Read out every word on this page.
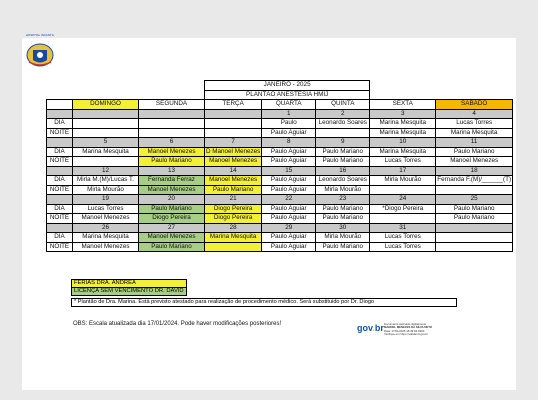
HOSPITAL INFANTIL
			JANEIRO - 2025				
			PLANTÃO ANESTESIA HMIJ				
	DOMINGO	SEGUNDA	TERÇA	QUARTA	QUINTA	SEXTA	SABADO
				1	2	3	4
DIA				Paulo	Leonardo Soares	Marina Mesquita	Lucas Torres
NOITE				Paulo Aguiar		Marina Mesquita	Marina Mesquita
	5	6	7	8	9	10	11
DIA	Marina Mesquita	Manoel Menezes	D Manoel Menezes	Paulo Aguiar	Paulo Mariano	Marina Mesquita	Paulo Mariano
NOITE		Paulo Mariano	Manoel Menezes	Paulo Aguiar	Paulo Mariano	Lucas Torres	Manoel Menezes
	12	13	14	15	16	17	18
DIA	Mirla M.(M)/Lucas T.	Fernanda Ferraz	Manoel Menezes	Paulo Aguiar	Leonardo Soares	Mirla Mourão	Fernanda F.(M)/______(T)
NOITE	Mirla Mourão	Manoel Menezes	Paulo Mariano	Paulo Aguiar	Mirla Mourão		
	19	20	21	22	23	24	25
DIA	Lucas Torres	Paulo Mariano	Diogo Pereira	Paulo Aguiar	Paulo Mariano	*Diogo Pereira	Paulo Mariano
NOITE	Manoel Menezes	Diogo Pereira	Diogo Pereira	Paulo Aguiar	Paulo Mariano		Paulo Mariano
	26	27	28	29	30	31	
DIA	Marina Mesquita	Manoel Menezes	Marina Mesquita	Paulo Aguiar	Mirla Mourão	Lucas Torres	
NOITE	Manoel Menezes	Paulo Mariano		Paulo Aguiar	Paulo Mariano	Lucas Torres	
FÉRIAS DRA. ANDREA
LICENÇA SEM VENCIMENTO DR. DAVID
* Plantão de Dra. Marina. Está previsto atestado para realização de procedimento médico. Será substituido por Dr. Diogo
OBS: Escala atualizada dia 17/01/2024. Pode haver modificações posteriores!	gov.br Documento assinado digitalmente
MANOEL MENEZES DA SILVA NETO
Data: 17/01/2025 18:49:06-0300
Verifique em https://validar.iti.gov.br
